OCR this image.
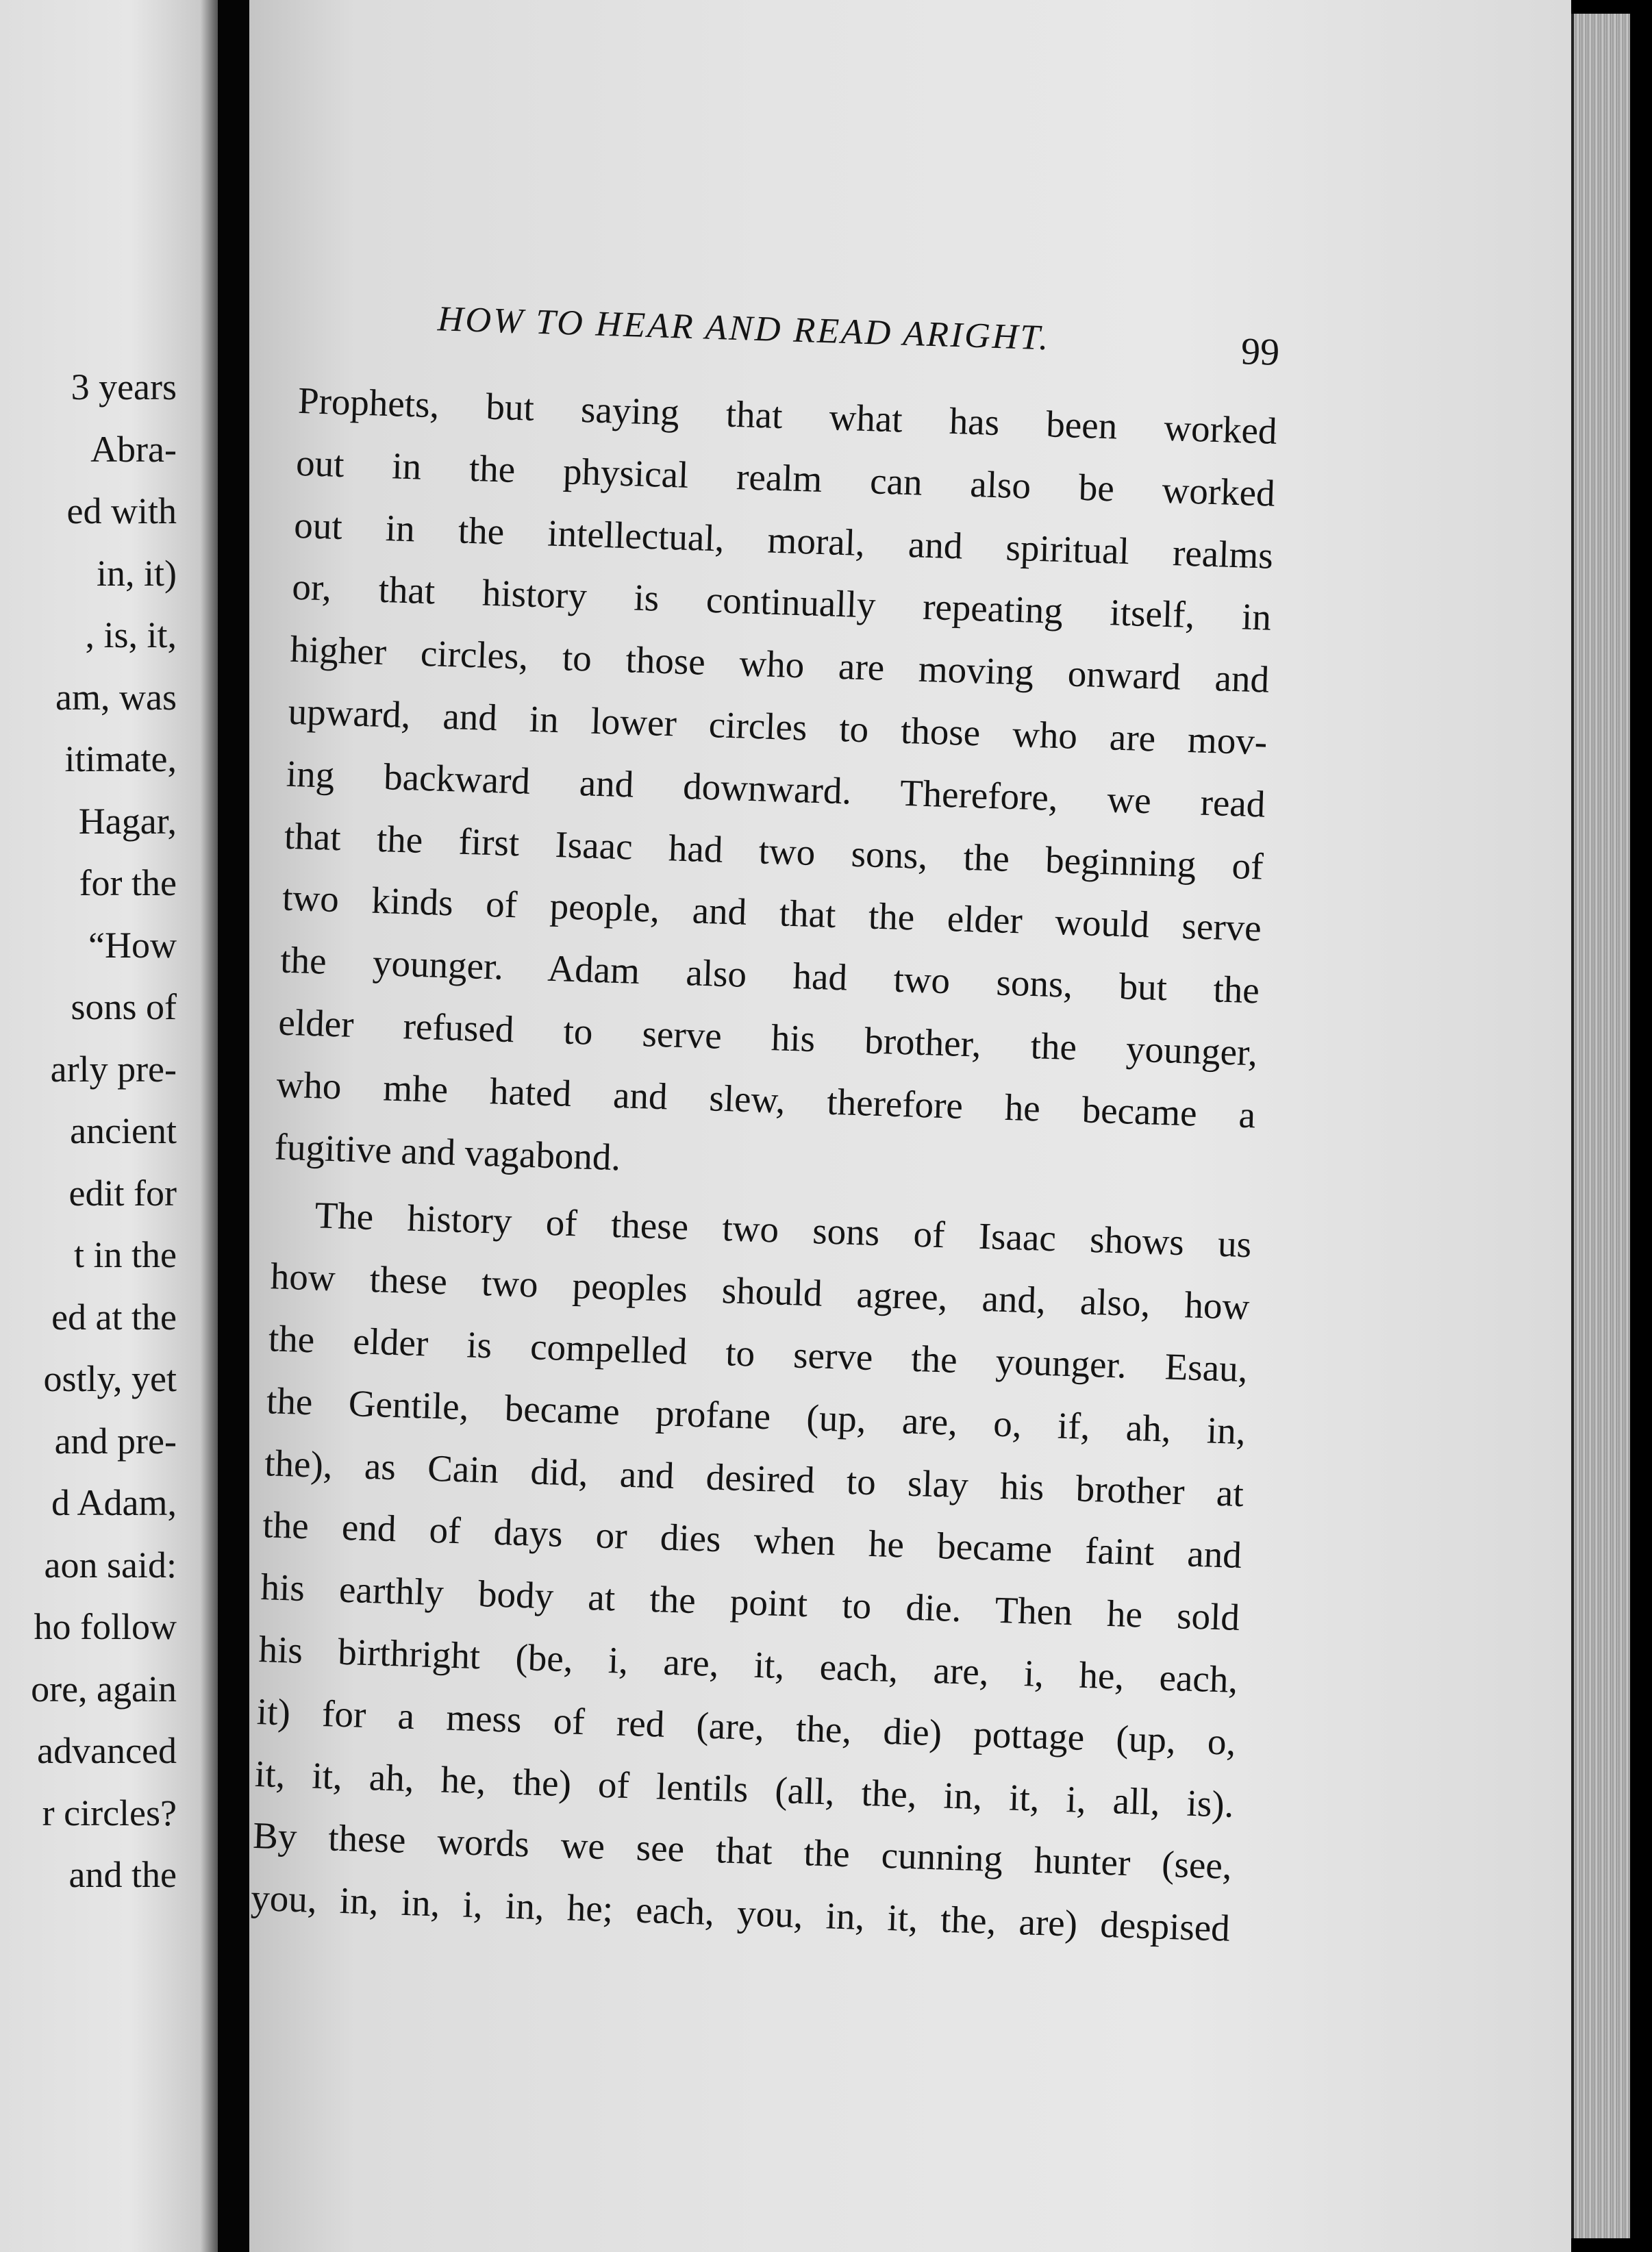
3 years
Abra-
ed with
in, it)
, is, it,
am, was
itimate,
Hagar,
for the
“How
sons of
arly pre-
ancient
edit for
t in the
ed at the
ostly, yet
and pre-
d Adam,
aon said:
ho follow
ore, again
advanced
r circles?
and the
HOW TO HEAR AND READ ARIGHT.	99
Prophets, but saying that what has been worked
out in the physical realm can also be worked
out in the intellectual, moral, and spiritual realms
or, that history is continually repeating itself, in
higher circles, to those who are moving onward and
upward, and in lower circles to those who are mov-
ing backward and downward. Therefore, we read
that the first Isaac had two sons, the beginning of
two kinds of people, and that the elder would serve
the younger. Adam also had two sons, but the
elder refused to serve his brother, the younger,
who mhe hated and slew, therefore he became a
fugitive and vagabond.
The history of these two sons of Isaac shows us
how these two peoples should agree, and, also, how
the elder is compelled to serve the younger. Esau,
the Gentile, became profane (up, are, o, if, ah, in,
the), as Cain did, and desired to slay his brother at
the end of days or dies when he became faint and
his earthly body at the point to die. Then he sold
his birthright (be, i, are, it, each, are, i, he, each,
it) for a mess of red (are, the, die) pottage (up, o,
it, it, ah, he, the) of lentils (all, the, in, it, i, all, is).
By these words we see that the cunning hunter (see,
you, in, in, i, in, he; each, you, in, it, the, are) despised
